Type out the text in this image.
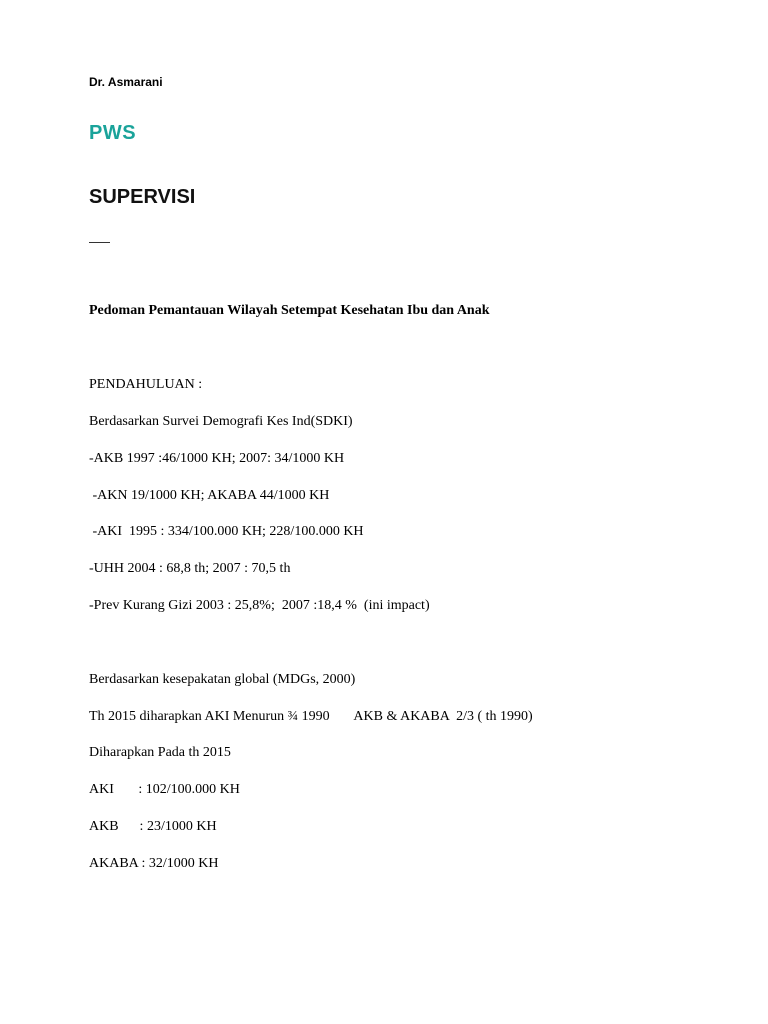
Dr. Asmarani
PWS
SUPERVISI
Pedoman Pemantauan Wilayah Setempat Kesehatan Ibu dan Anak
PENDAHULUAN :
Berdasarkan Survei Demografi Kes Ind(SDKI)
-AKB 1997 :46/1000 KH; 2007: 34/1000 KH
-AKN 19/1000 KH; AKABA 44/1000 KH
-AKI  1995 : 334/100.000 KH; 228/100.000 KH
-UHH 2004 : 68,8 th; 2007 : 70,5 th
-Prev Kurang Gizi 2003 : 25,8%;  2007 :18,4 %  (ini impact)
Berdasarkan kesepakatan global (MDGs, 2000)
Th 2015 diharapkan AKI Menurun ¾ 1990       AKB & AKABA  2/3 ( th 1990)
Diharapkan Pada th 2015
AKI       : 102/100.000 KH
AKB      : 23/1000 KH
AKABA : 32/1000 KH
